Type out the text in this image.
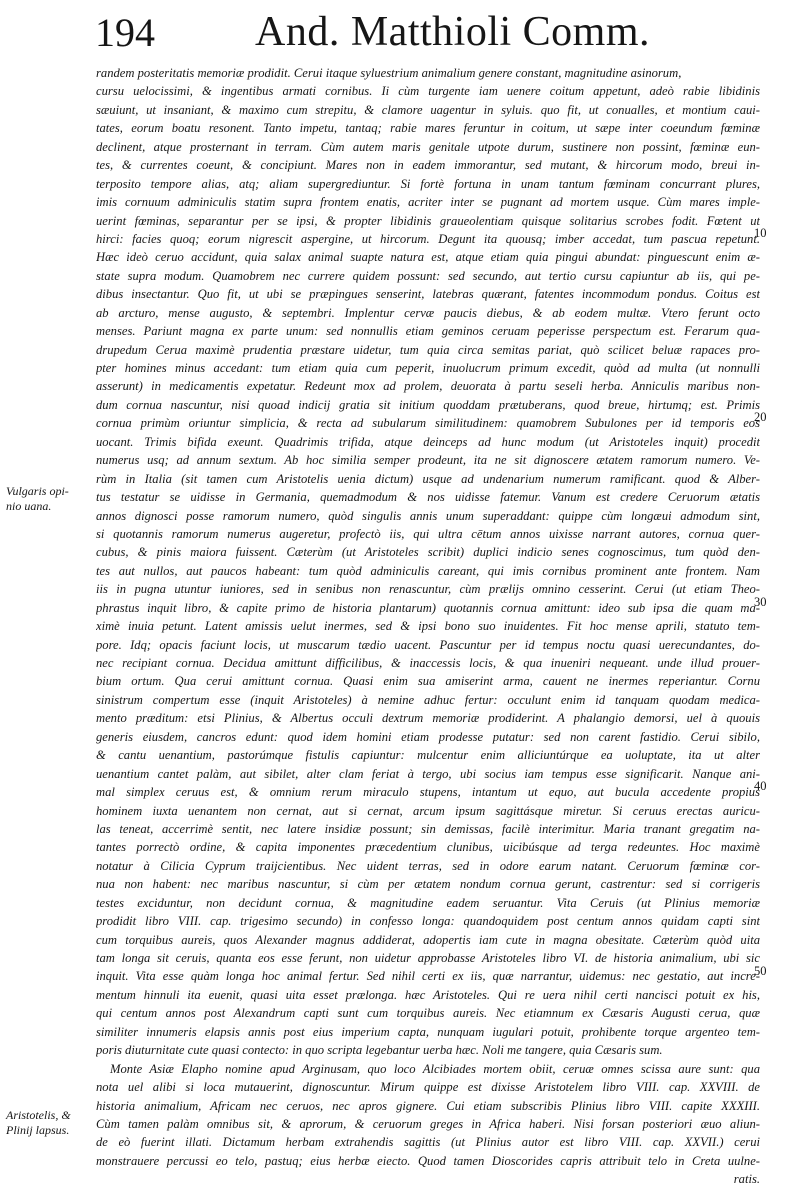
194 And. Matthioli Comm.
randem posteritatis memoriæ prodidit. Cerui itaque syluestrium animalium genere constant, magnitudine asinorum,
cursu uelocissimi, & ingentibus armati cornibus. Ii cùm turgente iam uenere coitum appetunt, adeò rabie libidinis
sæuiunt, ut insaniant, & maximo cum strepitu, & clamore uagentur in syluis. quo fit, ut conualles, et montium caui-
tates, eorum boatu resonent. Tanto impetu, tantaq; rabie mares feruntur in coitum, ut sæpe inter coeundum fœminæ
declinent, atque prosternant in terram. Cùm autem maris genitale utpote durum, sustinere non possint, fœminæ eun-
tes, & currentes coeunt, & concipiunt. Mares non in eadem immorantur, sed mutant, & hircorum modo, breui in-
terposito tempore alias, atq; aliam supergrediuntur. Si fortè fortuna in unam tantum fœminam concurrant plures,
imis cornuum adminiculis statim supra frontem enatis, acriter inter se pugnant ad mortem usque. Cùm mares imple-
uerint fœminas, separantur per se ipsi, & propter libidinis graueolentiam quisque solitarius scrobes fodit. Fœtent ut
hirci: facies quoq; eorum nigrescit aspergine, ut hircorum. Degunt ita quousq; imber accedat, tum pascua repetunt.
Hæc ideò ceruo accidunt, quia salax animal suapte natura est, atque etiam quia pingui abundat: pinguescunt enim æ-
state supra modum. Quamobrem nec currere quidem possunt: sed secundo, aut tertio cursu capiuntur ab iis, qui pe-
dibus insectantur. Quo fit, ut ubi se præpingues senserint, latebras quærant, fatentes incommodum pondus. Coitus est
ab arcturo, mense augusto, & septembri. Implentur cervæ paucis diebus, & ab eodem multæ. Vtero ferunt octo
menses. Pariunt magna ex parte unum: sed nonnullis etiam geminos ceruam peperisse perspectum est. Ferarum qua-
drupedum Cerua maximè prudentia præstare uidetur, tum quia circa semitas pariat, quò scilicet beluæ rapaces pro-
pter homines minus accedant: tum etiam quia cum peperit, inuolucrum primum excedit, quòd ad multa (ut nonnulli
asserunt) in medicamentis expetatur. Redeunt mox ad prolem, deuorata à partu seseli herba. Anniculis maribus non-
dum cornua nascuntur, nisi quoad indicij gratia sit initium quoddam prætuberans, quod breue, hirtumq; est. Primis
cornua primùm oriuntur simplicia, & recta ad subularum similitudinem: quamobrem Subulones per id temporis eos
uocant. Trimis bifida exeunt. Quadrimis trifida, atque deinceps ad hunc modum (ut Aristoteles inquit) procedit
numerus usq; ad annum sextum. Ab hoc similia semper prodeunt, ita ne sit dignoscere ætatem ramorum numero. Ve-
rùm in Italia (sit tamen cum Aristotelis uenia dictum) usque ad undenarium numerum ramificant. quod & Alber-
tus testatur se uidisse in Germania, quemadmodum & nos uidisse fatemur. Vanum est credere Ceruorum ætatis
annos dignosci posse ramorum numero, quòd singulis annis unum superaddant: quippe cùm longæui admodum sint,
si quotannis ramorum numerus augeretur, profectò iis, qui ultra cētum annos uixisse narrant autores, cornua quer-
cubus, & pinis maiora fuissent. Cæterùm (ut Aristoteles scribit) duplici indicio senes cognoscimus, tum quòd den-
tes aut nullos, aut paucos habeant: tum quòd adminiculis careant, qui imis cornibus prominent ante frontem. Nam
iis in pugna utuntur iuniores, sed in senibus non renascuntur, cùm prælijs omnino cesserint. Cerui (ut etiam Theo-
phrastus inquit libro, & capite primo de historia plantarum) quotannis cornua amittunt: ideo sub ipsa die quam ma-
ximè inuia petunt. Latent amissis uelut inermes, sed & ipsi bono suo inuidentes. Fit hoc mense aprili, statuto tem-
pore. Idq; opacis faciunt locis, ut muscarum tædio uacent. Pascuntur per id tempus noctu quasi uerecundantes, do-
nec recipiant cornua. Decidua amittunt difficilibus, & inaccessis locis, & qua inueniri nequeant. unde illud prouer-
bium ortum. Qua cerui amittunt cornua. Quasi enim sua amiserint arma, cauent ne inermes reperiantur. Cornu
sinistrum compertum esse (inquit Aristoteles) à nemine adhuc fertur: occulunt enim id tanquam quodam medica-
mento præditum: etsi Plinius, & Albertus occuli dextrum memoriæ prodiderint. A phalangio demorsi, uel à quouis
generis eiusdem, cancros edunt: quod idem homini etiam prodesse putatur: sed non carent fastidio. Cerui sibilo,
& cantu uenantium, pastorúmque fistulis capiuntur: mulcentur enim alliciuntúrque ea uoluptate, ita ut alter
uenantium cantet palàm, aut sibilet, alter clam feriat à tergo, ubi socius iam tempus esse significarit. Nanque ani-
mal simplex ceruus est, & omnium rerum miraculo stupens, intantum ut equo, aut bucula accedente propius
hominem iuxta uenantem non cernat, aut si cernat, arcum ipsum sagittásque miretur. Si ceruus erectas auricu-
las teneat, accerrimè sentit, nec latere insidiæ possunt; sin demissas, facilè interimitur. Maria tranant gregatim na-
tantes porrectò ordine, & capita imponentes præcedentium clunibus, uicibúsque ad terga redeuntes. Hoc maximè
notatur à Cilicia Cyprum traijcientibus. Nec uident terras, sed in odore earum natant. Ceruorum fœminæ cor-
nua non habent: nec maribus nascuntur, si cùm per ætatem nondum cornua gerunt, castrentur: sed si corrigeris
testes exciduntur, non decidunt cornua, & magnitudine eadem seruantur. Vita Ceruis (ut Plinius memoriæ
prodidit libro VIII. cap. trigesimo secundo) in confesso longa: quandoquidem post centum annos quidam capti sint
cum torquibus aureis, quos Alexander magnus addiderat, adopertis iam cute in magna obesitate. Cæterùm quòd uita
tam longa sit ceruis, quanta eos esse ferunt, non uidetur approbasse Aristoteles libro VI. de historia animalium, ubi sic
inquit. Vita esse quàm longa hoc animal fertur. Sed nihil certi ex iis, quæ narrantur, uidemus: nec gestatio, aut incre-
mentum hinnuli ita euenit, quasi uita esset prælonga. hæc Aristoteles. Qui re uera nihil certi nancisci potuit ex his,
qui centum annos post Alexandrum capti sunt cum torquibus aureis. Nec etiamnum ex Cæsaris Augusti cerua, quæ
similiter innumeris elapsis annis post eius imperium capta, nunquam iugulari potuit, prohibente torque argenteo tem-
poris diuturnitate cute quasi contecto: in quo scripta legebantur uerba hæc. Noli me tangere, quia Cæsaris sum.
Monte Asiæ Elapho nomine apud Arginusam, quo loco Alcibiades mortem obiit, ceruæ omnes scissa aure sunt: qua
nota uel alibi si loca mutauerint, dignoscuntur. Mirum quippe est dixisse Aristotelem libro VIII. cap. XXVIII. de
historia animalium, Africam nec ceruos, nec apros gignere. Cui etiam subscribis Plinius libro VIII. capite XXXIII.
Cùm tamen palàm omnibus sit, & aprorum, & ceruorum greges in Africa haberi. Nisi forsan posteriori æuo aliun-
de eò fuerint illati. Dictamum herbam extrahendis sagittis (ut Plinius autor est libro VIII. cap. XXVII.) cerui
monstrauere percussi eo telo, pastuq; eius herbæ eiecto. Quod tamen Dioscorides capris attribuit telo in Creta uulne-
ratis.
10
20
30
40
50
Vulgaris opi-
nio uana.
Aristotelis, &
Plinij lapsus.
